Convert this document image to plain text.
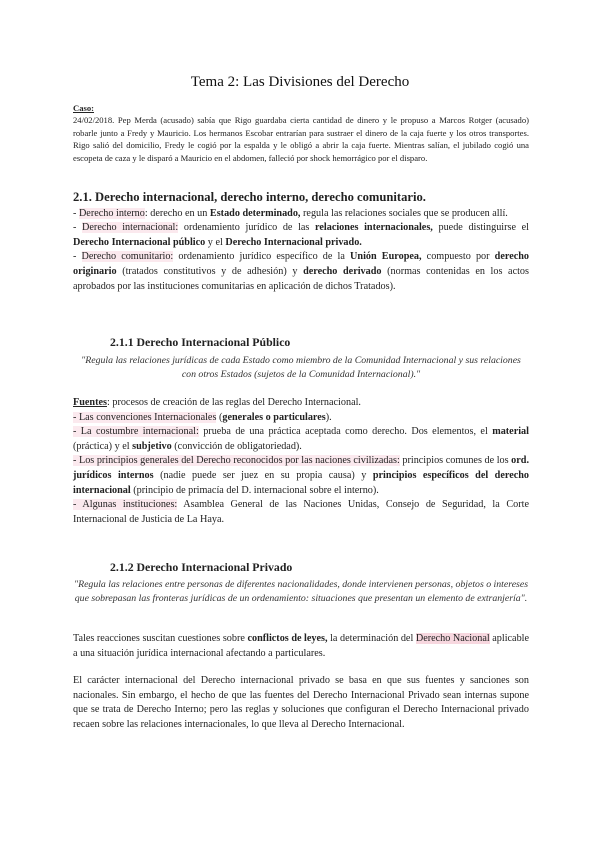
Tema 2: Las Divisiones del Derecho
Caso:
24/02/2018. Pep Merda (acusado) sabía que Rigo guardaba cierta cantidad de dinero y le propuso a Marcos Rotger (acusado) robarle junto a Fredy y Mauricio. Los hermanos Escobar entrarían para sustraer el dinero de la caja fuerte y los otros transportes. Rigo salió del domicilio, Fredy le cogió por la espalda y le obligó a abrir la caja fuerte. Mientras salían, el jubilado cogió una escopeta de caza y le disparó a Mauricio en el abdomen, falleció por shock hemorrágico por el disparo.

2.1. Derecho internacional, derecho interno, derecho comunitario.

- Derecho interno: derecho en un Estado determinado, regula las relaciones sociales que se producen allí.

- Derecho internacional: ordenamiento jurídico de las relaciones internacionales, puede distinguirse el Derecho Internacional público y el Derecho Internacional privado.

- Derecho comunitario: ordenamiento jurídico específico de la Unión Europea, compuesto por derecho originario (tratados constitutivos y de adhesión) y derecho derivado (normas contenidas en los actos aprobados por las instituciones comunitarias en aplicación de dichos Tratados).

2.1.1 Derecho Internacional Público
"Regula las relaciones jurídicas de cada Estado como miembro de la Comunidad Internacional y sus relaciones con otros Estados (sujetos de la Comunidad Internacional)."

Fuentes: procesos de creación de las reglas del Derecho Internacional.

- Las convenciones Internacionales (generales o particulares).

- La costumbre internacional: prueba de una práctica aceptada como derecho. Dos elementos, el material (práctica) y el subjetivo (convicción de obligatoriedad).

- Los principios generales del Derecho reconocidos por las naciones civilizadas: principios comunes de los ord. jurídicos internos (nadie puede ser juez en su propia causa) y principios específicos del derecho internacional (principio de primacía del D. internacional sobre el interno).

- Algunas instituciones: Asamblea General de las Naciones Unidas, Consejo de Seguridad, la Corte Internacional de Justicia de La Haya.

2.1.2 Derecho Internacional Privado
"Regula las relaciones entre personas de diferentes nacionalidades, donde intervienen personas, objetos o intereses que sobrepasan las fronteras jurídicas de un ordenamiento: situaciones que presentan un elemento de extranjería".

Tales reacciones suscitan cuestiones sobre conflictos de leyes, la determinación del Derecho Nacional aplicable a una situación jurídica internacional afectando a particulares.

El carácter internacional del Derecho internacional privado se basa en que sus fuentes y sanciones son nacionales. Sin embargo, el hecho de que las fuentes del Derecho Internacional Privado sean internas supone que se trata de Derecho Interno; pero las reglas y soluciones que configuran el Derecho Internacional privado recaen sobre las relaciones internacionales, lo que lleva al Derecho Internacional.
